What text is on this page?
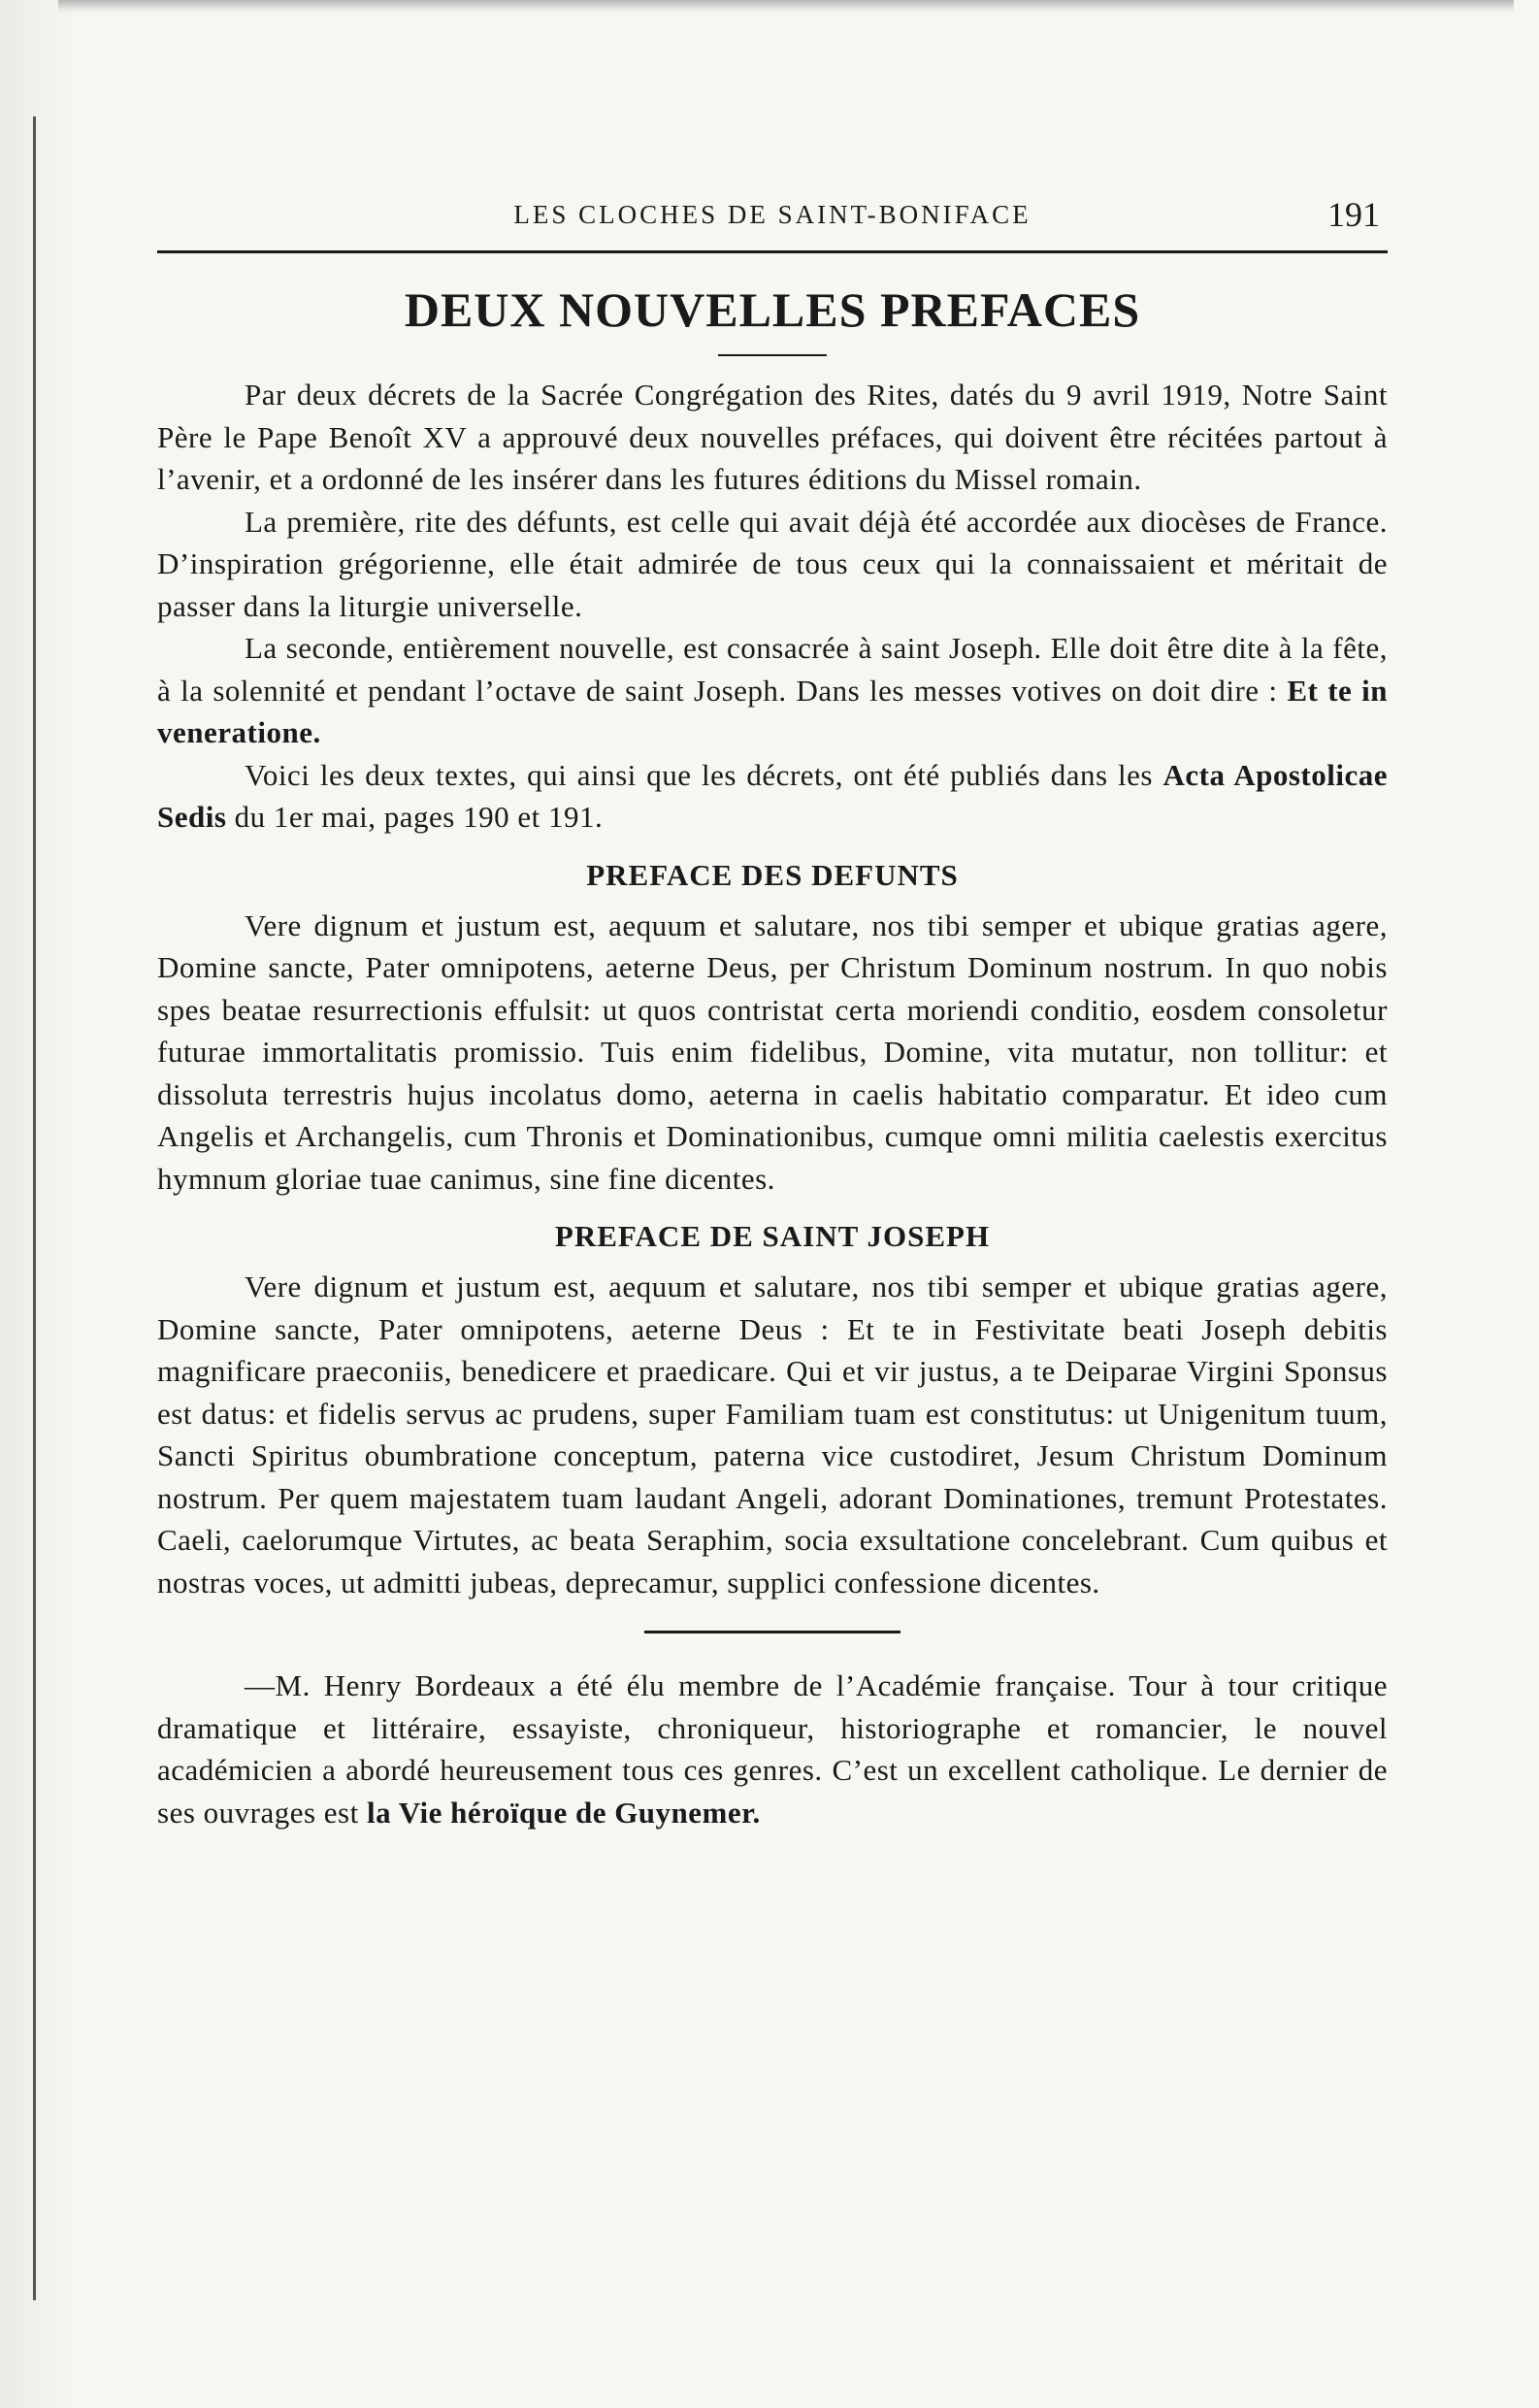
LES CLOCHES DE SAINT-BONIFACE	191
DEUX NOUVELLES PREFACES

Par deux décrets de la Sacrée Congrégation des Rites, datés du 9 avril 1919, Notre Saint Père le Pape Benoît XV a approuvé deux nouvelles préfaces, qui doivent être récitées partout à l’avenir, et a ordonné de les insérer dans les futures éditions du Missel romain.

La première, rite des défunts, est celle qui avait déjà été accordée aux diocèses de France. D’inspiration grégorienne, elle était admirée de tous ceux qui la connaissaient et méritait de passer dans la liturgie universelle.

La seconde, entièrement nouvelle, est consacrée à saint Joseph. Elle doit être dite à la fête, à la solennité et pendant l’octave de saint Joseph. Dans les messes votives on doit dire : Et te in veneratione.

Voici les deux textes, qui ainsi que les décrets, ont été publiés dans les Acta Apostolicae Sedis du 1er mai, pages 190 et 191.

PREFACE DES DEFUNTS

Vere dignum et justum est, aequum et salutare, nos tibi semper et ubique gratias agere, Domine sancte, Pater omnipotens, aeterne Deus, per Christum Dominum nostrum. In quo nobis spes beatae resurrectionis effulsit: ut quos contristat certa moriendi conditio, eosdem consoletur futurae immortalitatis promissio. Tuis enim fidelibus, Domine, vita mutatur, non tollitur: et dissoluta terrestris hujus incolatus domo, aeterna in caelis habitatio comparatur. Et ideo cum Angelis et Archangelis, cum Thronis et Dominationibus, cumque omni militia caelestis exercitus hymnum gloriae tuae canimus, sine fine dicentes.

PREFACE DE SAINT JOSEPH

Vere dignum et justum est, aequum et salutare, nos tibi semper et ubique gratias agere, Domine sancte, Pater omnipotens, aeterne Deus : Et te in Festivitate beati Joseph debitis magnificare praeconiis, benedicere et praedicare. Qui et vir justus, a te Deiparae Virgini Sponsus est datus: et fidelis servus ac prudens, super Familiam tuam est constitutus: ut Unigenitum tuum, Sancti Spiritus obumbratione conceptum, paterna vice custodiret, Jesum Christum Dominum nostrum. Per quem majestatem tuam laudant Angeli, adorant Dominationes, tremunt Protestates. Caeli, caelorumque Virtutes, ac beata Seraphim, socia exsultatione concelebrant. Cum quibus et nostras voces, ut admitti jubeas, deprecamur, supplici confessione dicentes.

—M. Henry Bordeaux a été élu membre de l’Académie française. Tour à tour critique dramatique et littéraire, essayiste, chroniqueur, historiographe et romancier, le nouvel académicien a abordé heureusement tous ces genres. C’est un excellent catholique. Le dernier de ses ouvrages est la Vie héroïque de Guynemer.
